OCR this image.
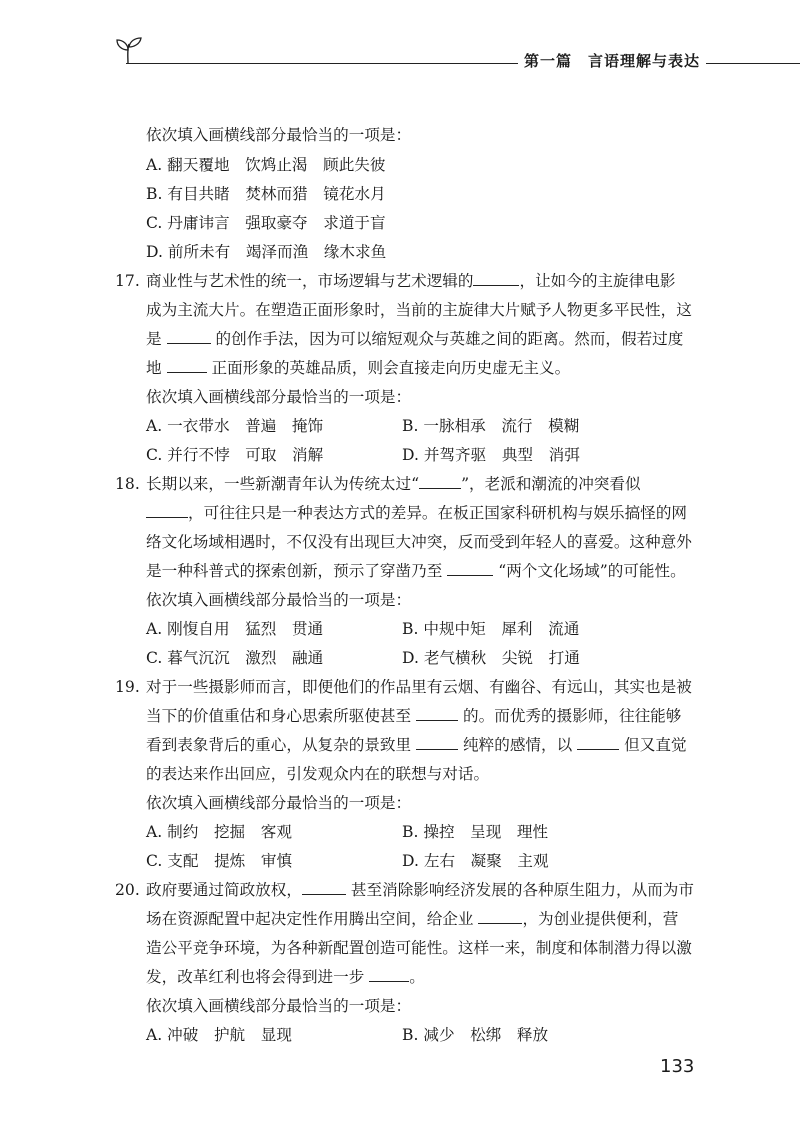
第一篇　言语理解与表达
依次填入画横线部分最恰当的一项是：
A. 翻天覆地　饮鸩止渴　顾此失彼
B. 有目共睹　焚林而猎　镜花水月
C. 丹庸讳言　强取豪夺　求道于盲
D. 前所未有　竭泽而渔　缘木求鱼
17. 商业性与艺术性的统一，市场逻辑与艺术逻辑的	，让如今的主旋律电影
成为主流大片。在塑造正面形象时，当前的主旋律大片赋予人物更多平民性，这
是	的创作手法，因为可以缩短观众与英雄之间的距离。然而，假若过度
地	正面形象的英雄品质，则会直接走向历史虚无主义。
依次填入画横线部分最恰当的一项是：
A. 一衣带水　普遍　掩饰	B. 一脉相承　流行　模糊
C. 并行不悖　可取　消解	D. 并驾齐驱　典型　消弭
18. 长期以来，一些新潮青年认为传统太过“	”，老派和潮流的冲突看似
，可往往只是一种表达方式的差异。在板正国家科研机构与娱乐搞怪的网
络文化场域相遇时，不仅没有出现巨大冲突，反而受到年轻人的喜爱。这种意外
是一种科普式的探索创新，预示了穿凿乃至	“两个文化场域”的可能性。
依次填入画横线部分最恰当的一项是：
A. 刚愎自用　猛烈　贯通	B. 中规中矩　犀利　流通
C. 暮气沉沉　激烈　融通	D. 老气横秋　尖锐　打通
19. 对于一些摄影师而言，即便他们的作品里有云烟、有幽谷、有远山，其实也是被
当下的价值重估和身心思索所驱使甚至	的。而优秀的摄影师，往往能够
看到表象背后的重心，从复杂的景致里	纯粹的感情，以	但又直觉
的表达来作出回应，引发观众内在的联想与对话。
依次填入画横线部分最恰当的一项是：
A. 制约　挖掘　客观	B. 操控　呈现　理性
C. 支配　提炼　审慎	D. 左右　凝聚　主观
20. 政府要通过简政放权，	甚至消除影响经济发展的各种原生阻力，从而为市
场在资源配置中起决定性作用腾出空间，给企业	，为创业提供便利，营
造公平竞争环境，为各种新配置创造可能性。这样一来，制度和体制潜力得以激
发，改革红利也将会得到进一步	。
依次填入画横线部分最恰当的一项是：
A. 冲破　护航　显现	B. 减少　松绑　释放
133
